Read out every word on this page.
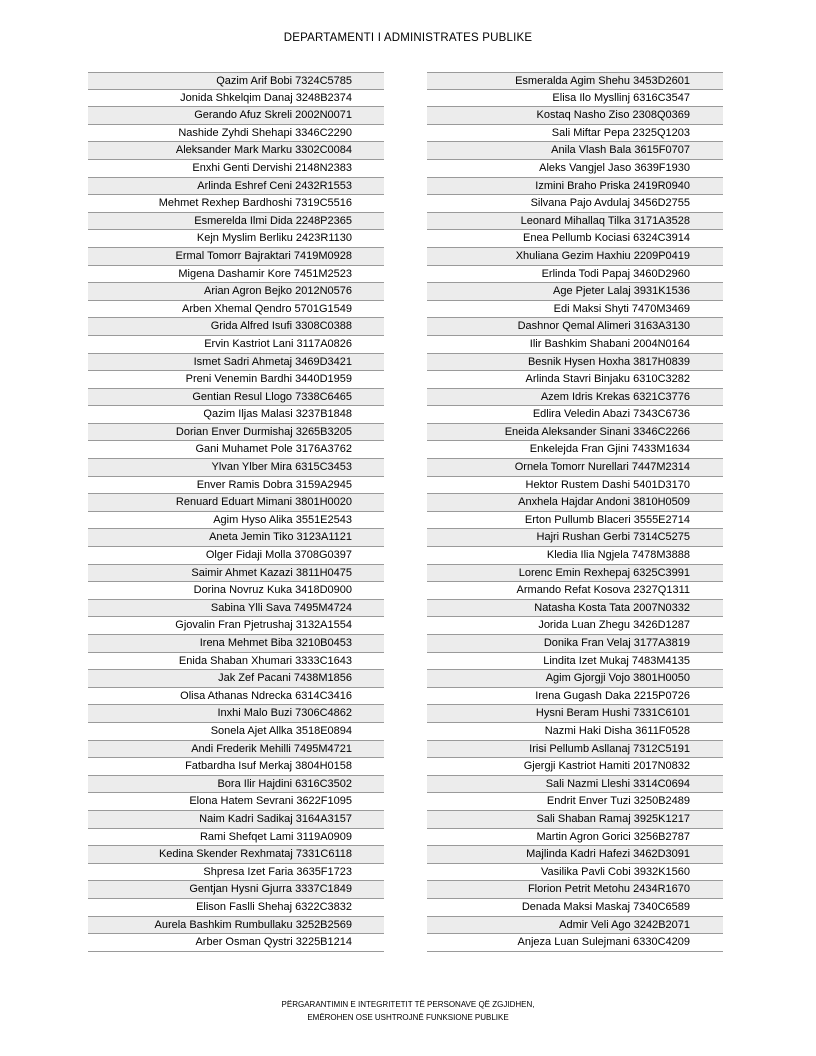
DEPARTAMENTI I ADMINISTRATES PUBLIKE
Qazim Arif Bobi 7324C5785
Jonida Shkelqim Danaj 3248B2374
Gerando Afuz Skreli 2002N0071
Nashide Zyhdi Shehapi 3346C2290
Aleksander Mark Marku 3302C0084
Enxhi Genti Dervishi 2148N2383
Arlinda Eshref Ceni 2432R1553
Mehmet Rexhep Bardhoshi 7319C5516
Esmerelda Ilmi Dida 2248P2365
Kejn Myslim Berliku 2423R1130
Ermal Tomorr Bajraktari 7419M0928
Migena Dashamir Kore 7451M2523
Arian Agron Bejko 2012N0576
Arben Xhemal Qendro 5701G1549
Grida Alfred Isufi 3308C0388
Ervin Kastriot Lani 3117A0826
Ismet Sadri Ahmetaj 3469D3421
Preni Venemin Bardhi 3440D1959
Gentian Resul Llogo 7338C6465
Qazim Iljas Malasi 3237B1848
Dorian Enver Durmishaj 3265B3205
Gani Muhamet Pole 3176A3762
Ylvan Ylber Mira 6315C3453
Enver Ramis Dobra 3159A2945
Renuard Eduart Mimani 3801H0020
Agim Hyso Alika 3551E2543
Aneta Jemin Tiko 3123A1121
Olger Fidaji Molla 3708G0397
Saimir Ahmet Kazazi 3811H0475
Dorina Novruz Kuka 3418D0900
Sabina Ylli Sava 7495M4724
Gjovalin Fran Pjetrushaj 3132A1554
Irena Mehmet Biba 3210B0453
Enida Shaban Xhumari 3333C1643
Jak Zef Pacani 7438M1856
Olisa Athanas Ndrecka 6314C3416
Inxhi Malo Buzi 7306C4862
Sonela Ajet Allka 3518E0894
Andi Frederik Mehilli 7495M4721
Fatbardha Isuf Merkaj 3804H0158
Bora Ilir Hajdini 6316C3502
Elona Hatem Sevrani 3622F1095
Naim Kadri Sadikaj 3164A3157
Rami Shefqet Lami 3119A0909
Kedina Skender Rexhmataj 7331C6118
Shpresa Izet Faria 3635F1723
Gentjan Hysni Gjurra 3337C1849
Elison Faslli Shehaj 6322C3832
Aurela Bashkim Rumbullaku 3252B2569
Arber Osman Qystri 3225B1214
Esmeralda Agim Shehu 3453D2601
Elisa Ilo Mysllinj 6316C3547
Kostaq Nasho Ziso 2308Q0369
Sali Miftar Pepa 2325Q1203
Anila Vlash Bala 3615F0707
Aleks Vangjel Jaso 3639F1930
Izmini Braho Priska 2419R0940
Silvana Pajo Avdulaj 3456D2755
Leonard Mihallaq Tilka 3171A3528
Enea Pellumb Kociasi 6324C3914
Xhuliana Gezim Haxhiu 2209P0419
Erlinda Todi Papaj 3460D2960
Age Pjeter Lalaj 3931K1536
Edi Maksi Shyti 7470M3469
Dashnor Qemal Alimeri 3163A3130
Ilir Bashkim Shabani 2004N0164
Besnik Hysen Hoxha 3817H0839
Arlinda Stavri Binjaku 6310C3282
Azem Idris Krekas 6321C3776
Edlira Veledin Abazi 7343C6736
Eneida Aleksander Sinani 3346C2266
Enkelejda Fran Gjini 7433M1634
Ornela Tomorr Nurellari 7447M2314
Hektor Rustem Dashi 5401D3170
Anxhela Hajdar Andoni 3810H0509
Erton Pullumb Blaceri 3555E2714
Hajri Rushan Gerbi 7314C5275
Kledia Ilia Ngjela 7478M3888
Lorenc Emin Rexhepaj 6325C3991
Armando Refat Kosova 2327Q1311
Natasha Kosta Tata 2007N0332
Jorida Luan Zhegu 3426D1287
Donika Fran Velaj 3177A3819
Lindita Izet Mukaj 7483M4135
Agim Gjorgji Vojo 3801H0050
Irena Gugash Daka 2215P0726
Hysni Beram Hushi 7331C6101
Nazmi Haki Disha 3611F0528
Irisi Pellumb Asllanaj 7312C5191
Gjergji Kastriot Hamiti 2017N0832
Sali Nazmi Lleshi 3314C0694
Endrit Enver Tuzi 3250B2489
Sali Shaban Ramaj 3925K1217
Martin Agron Gorici 3256B2787
Majlinda Kadri Hafezi 3462D3091
Vasilika Pavli Cobi 3932K1560
Florion Petrit Metohu 2434R1670
Denada Maksi Maskaj 7340C6589
Admir Veli Ago 3242B2071
Anjeza Luan Sulejmani 6330C4209
PËRGARANTIMIN E INTEGRITETIT TË PERSONAVE QË ZGJIDHEN,
EMËROHEN OSE USHTROJNË FUNKSIONE PUBLIKE
